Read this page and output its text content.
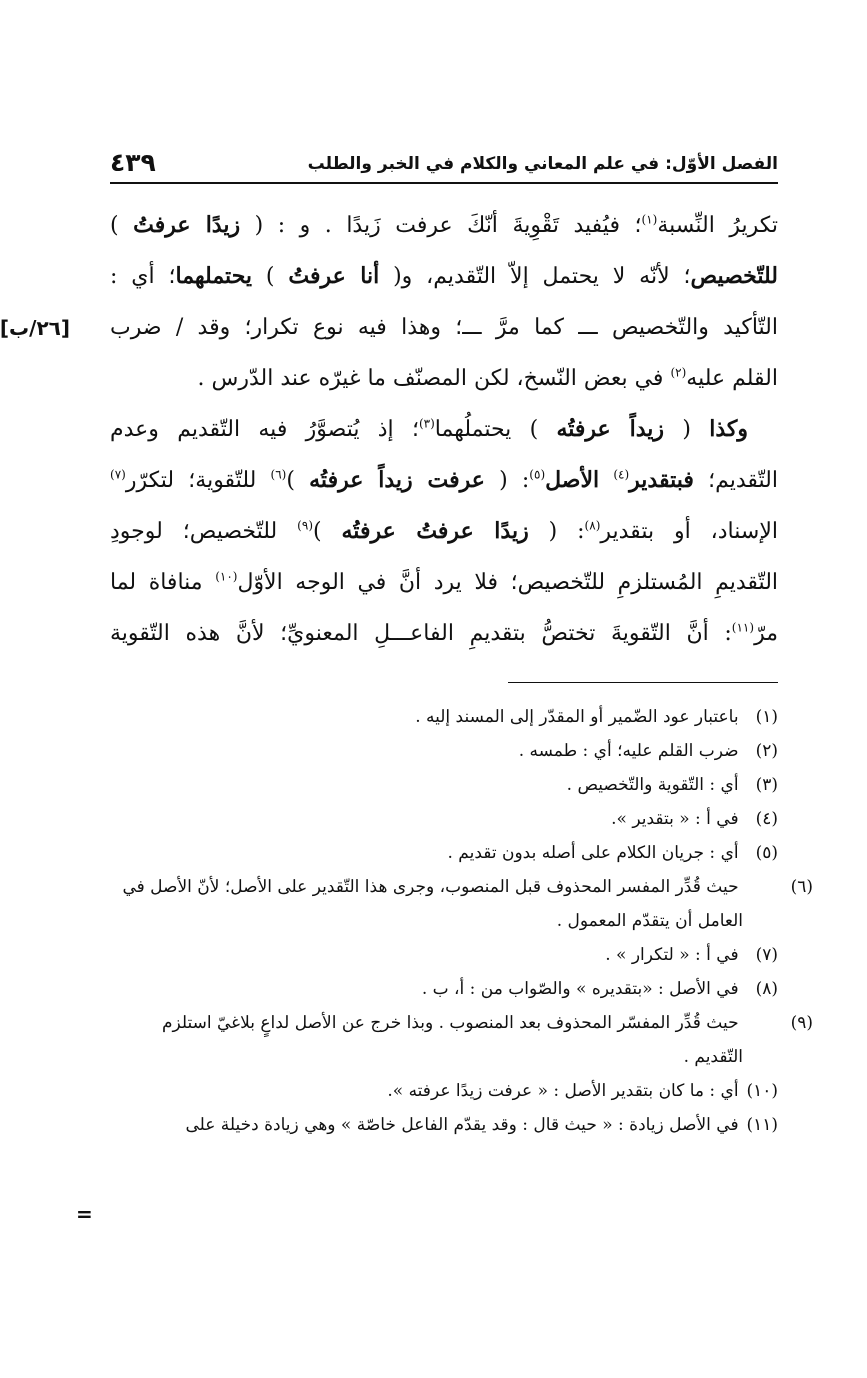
الفصل الأوّل: في علم المعاني والكلام في الخبر والطلب
٤٣٩
[٢٦/ب]
تكريرُ النِّسبة$^{(١)}$؛ فيُفيد تَقْوِيةَ أنّكَ عرفت زَيدًا . و : ( زيدًا عرفتُ )
للتّخصيص؛ لأنّه لا يحتمل إلاّ التّقديم، و( أنا عرفتُ ) يحتملهما؛ أي :
التّأكيد والتّخصيص ـــ كما مرَّ ـــ؛ وهذا فيه نوع تكرار؛ وقد / ضرب
القلم عليه$^{(٢)}$ في بعض النّسخ، لكن المصنّف ما غيرّه عند الدّرس .
وكذا ( زيداً عرفتُه ) يحتملُهما$^{(٣)}$؛ إذ يُتصوَّرُ فيه التّقديم وعدم
التّقديم؛ فبتقدير$^{(٤)}$ الأصل$^{(٥)}$: ( عرفت زيداً عرفتُه )$^{(٦)}$ للتّقوية؛ لتكرّر$^{(٧)}$
الإسناد، أو بتقدير$^{(٨)}$: ( زيدًا عرفتُ عرفتُه )$^{(٩)}$ للتّخصيص؛ لوجودِ
التّقديمِ المُستلزمِ للتّخصيص؛ فلا يرد أنَّ في الوجه الأوّل$^{(١٠)}$ منافاة لما
مرّ$^{(١١)}$: أنَّ التّقويةَ تختصُّ بتقديمِ الفاعـــلِ المعنويِّ؛ لأنَّ هذه التّقوية
(١) باعتبار عود الضّمير أو المقدّر إلى المسند إليه .
(٢) ضرب القلم عليه؛ أي : طمسه .
(٣) أي : التّقوية والتّخصيص .
(٤) في أ : « بتقدير ».
(٥) أي : جريان الكلام على أصله بدون تقديم .
(٦) حيث قُدِّر المفسر المحذوف قبل المنصوب، وجرى هذا التّقدير على الأصل؛ لأنّ الأصل في العامل أن يتقدّم المعمول .
(٧) في أ : « لتكرار » .
(٨) في الأصل : «بتقديره » والصّواب من : أ، ب .
(٩) حيث قُدِّر المفسّر المحذوف بعد المنصوب . وبذا خرج عن الأصل لداعٍ بلاغيّ استلزم التّقديم .
(١٠) أي : ما كان بتقدير الأصل : « عرفت زيدًا عرفته ».
(١١) في الأصل زيادة : « حيث قال : وقد يقدّم الفاعل خاصّة » وهي زيادة دخيلة على
=
